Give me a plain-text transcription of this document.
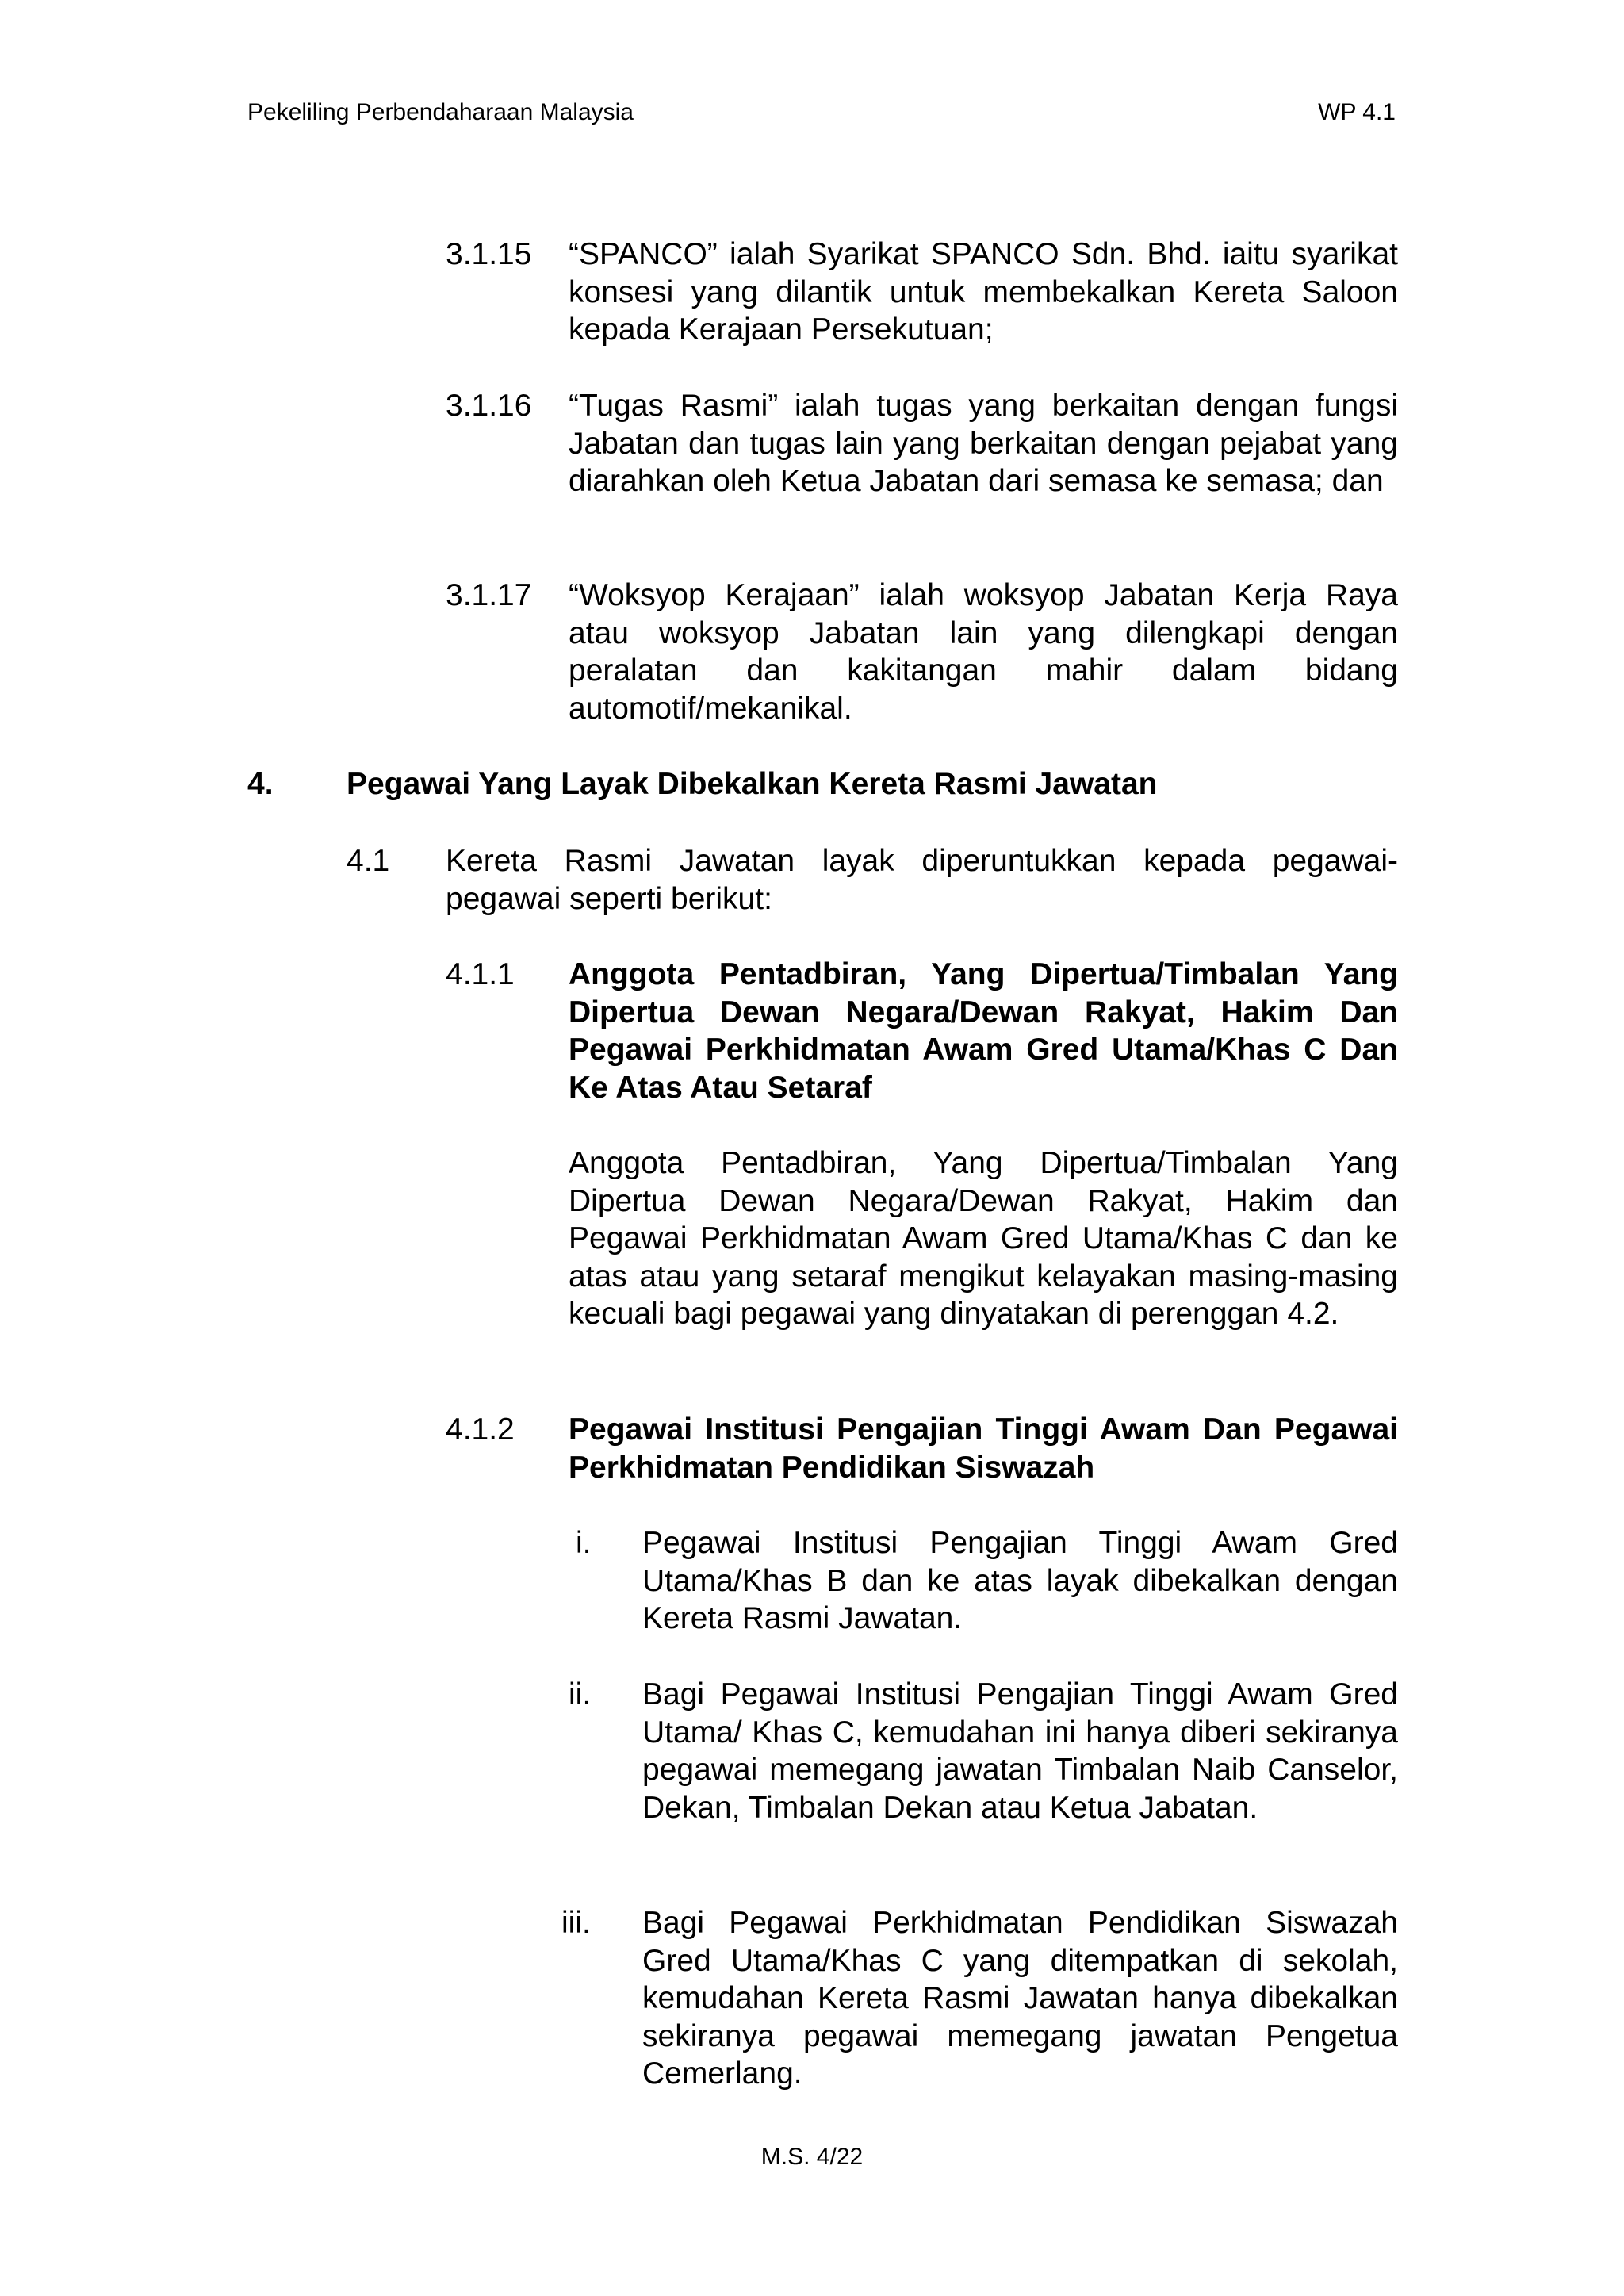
Pekeliling Perbendaharaan Malaysia	WP 4.1
3.1.15 “SPANCO” ialah Syarikat SPANCO Sdn. Bhd. iaitu syarikat konsesi yang dilantik untuk membekalkan Kereta Saloon kepada Kerajaan Persekutuan;

3.1.16 “Tugas Rasmi” ialah tugas yang berkaitan dengan fungsi Jabatan dan tugas lain yang berkaitan dengan pejabat yang diarahkan oleh Ketua Jabatan dari semasa ke semasa; dan

3.1.17 “Woksyop Kerajaan” ialah woksyop Jabatan Kerja Raya atau woksyop Jabatan lain yang dilengkapi dengan peralatan dan kakitangan mahir dalam bidang automotif/mekanikal.

4. Pegawai Yang Layak Dibekalkan Kereta Rasmi Jawatan
4.1 Kereta Rasmi Jawatan layak diperuntukkan kepada pegawai-pegawai seperti berikut:

4.1.1 Anggota Pentadbiran, Yang Dipertua/Timbalan Yang Dipertua Dewan Negara/Dewan Rakyat, Hakim Dan Pegawai Perkhidmatan Awam Gred Utama/Khas C Dan Ke Atas Atau Setaraf

Anggota Pentadbiran, Yang Dipertua/Timbalan Yang Dipertua Dewan Negara/Dewan Rakyat, Hakim dan Pegawai Perkhidmatan Awam Gred Utama/Khas C dan ke atas atau yang setaraf mengikut kelayakan masing-masing kecuali bagi pegawai yang dinyatakan di perenggan 4.2.

4.1.2 Pegawai Institusi Pengajian Tinggi Awam Dan Pegawai Perkhidmatan Pendidikan Siswazah

i. Pegawai Institusi Pengajian Tinggi Awam Gred Utama/Khas B dan ke atas layak dibekalkan dengan Kereta Rasmi Jawatan.

ii. Bagi Pegawai Institusi Pengajian Tinggi Awam Gred Utama/ Khas C, kemudahan ini hanya diberi sekiranya pegawai memegang jawatan Timbalan Naib Canselor, Dekan, Timbalan Dekan atau Ketua Jabatan.

iii. Bagi Pegawai Perkhidmatan Pendidikan Siswazah Gred Utama/Khas C yang ditempatkan di sekolah, kemudahan Kereta Rasmi Jawatan hanya dibekalkan sekiranya pegawai memegang jawatan Pengetua Cemerlang.

M.S. 4/22
